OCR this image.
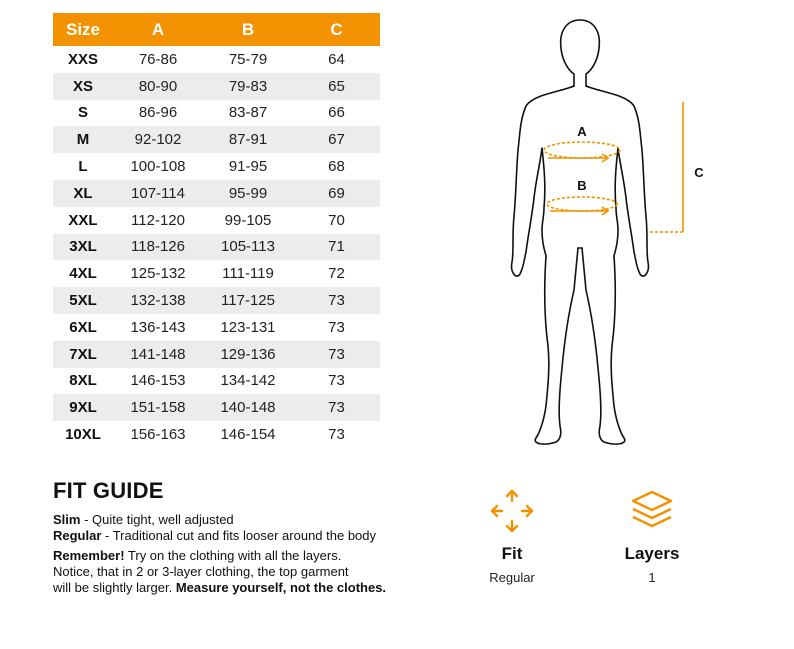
Size	A	B	C
XXS	76-86	75-79	64
XS	80-90	79-83	65
S	86-96	83-87	66
M	92-102	87-91	67
L	100-108	91-95	68
XL	107-114	95-99	69
XXL	112-120	99-105	70
3XL	118-126	105-113	71
4XL	125-132	111-119	72
5XL	132-138	117-125	73
6XL	136-143	123-131	73
7XL	141-148	129-136	73
8XL	146-153	134-142	73
9XL	151-158	140-148	73
10XL	156-163	146-154	73
A
B
C
FIT GUIDE
Slim - Quite tight, well adjusted
Regular - Traditional cut and fits looser around the body
Remember! Try on the clothing with all the layers.
Notice, that in 2 or 3-layer clothing, the top garment
will be slightly larger. Measure yourself, not the clothes.
Fit
Regular
Layers
1
